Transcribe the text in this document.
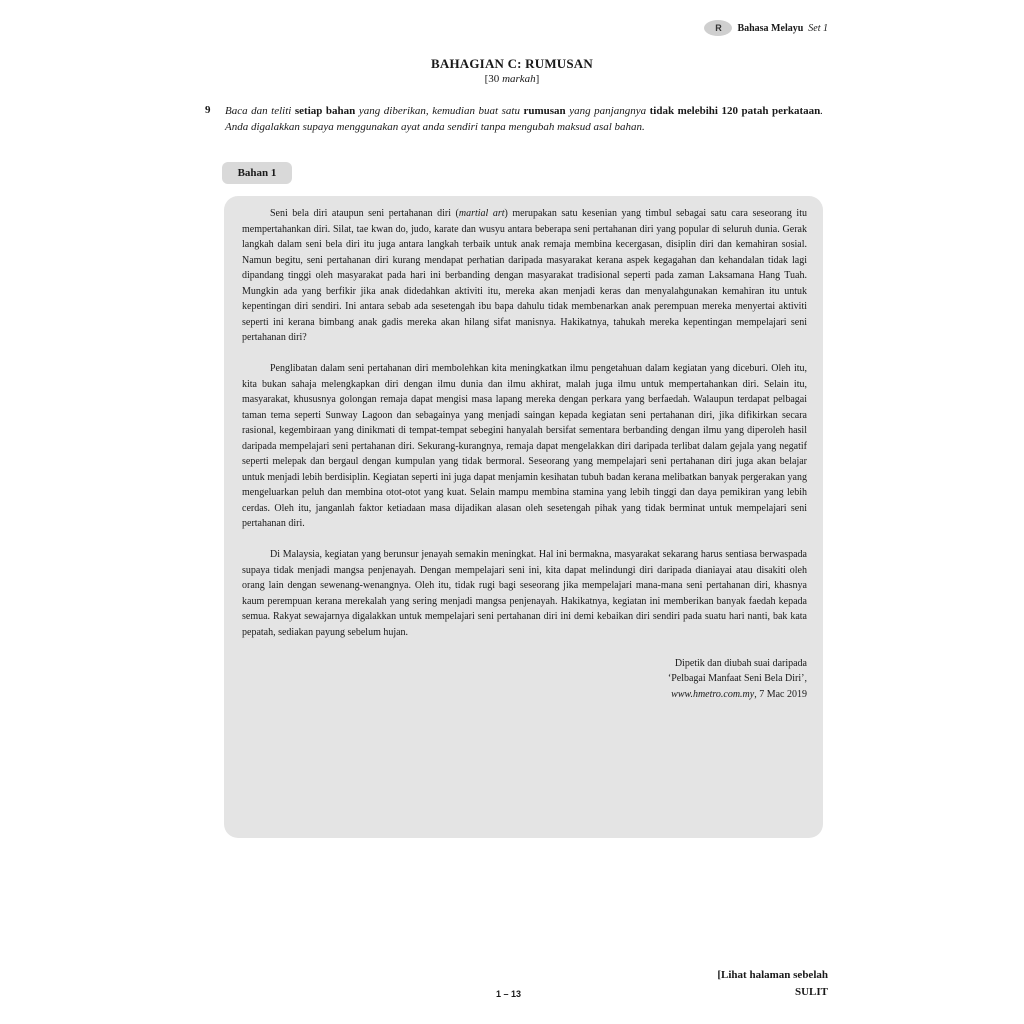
R Bahasa Melayu Set 1
BAHAGIAN C: RUMUSAN
[30 markah]
9 Baca dan teliti setiap bahan yang diberikan, kemudian buat satu rumusan yang panjangnya tidak melebihi 120 patah perkataan. Anda digalakkan supaya menggunakan ayat anda sendiri tanpa mengubah maksud asal bahan.
Bahan 1

Seni bela diri ataupun seni pertahanan diri (martial art) merupakan satu kesenian yang timbul sebagai satu cara seseorang itu mempertahankan diri. Silat, tae kwan do, judo, karate dan wusyu antara beberapa seni pertahanan diri yang popular di seluruh dunia. Gerak langkah dalam seni bela diri itu juga antara langkah terbaik untuk anak remaja membina kecergasan, disiplin diri dan kemahiran sosial. Namun begitu, seni pertahanan diri kurang mendapat perhatian daripada masyarakat kerana aspek kegagahan dan kehandalan tidak lagi dipandang tinggi oleh masyarakat pada hari ini berbanding dengan masyarakat tradisional seperti pada zaman Laksamana Hang Tuah. Mungkin ada yang berfikir jika anak didedahkan aktiviti itu, mereka akan menjadi keras dan menyalahgunakan kemahiran itu untuk kepentingan diri sendiri. Ini antara sebab ada sesetengah ibu bapa dahulu tidak membenarkan anak perempuan mereka menyertai aktiviti seperti ini kerana bimbang anak gadis mereka akan hilang sifat manisnya. Hakikatnya, tahukah mereka kepentingan mempelajari seni pertahanan diri?

Penglibatan dalam seni pertahanan diri membolehkan kita meningkatkan ilmu pengetahuan dalam kegiatan yang diceburi. Oleh itu, kita bukan sahaja melengkapkan diri dengan ilmu dunia dan ilmu akhirat, malah juga ilmu untuk mempertahankan diri. Selain itu, masyarakat, khususnya golongan remaja dapat mengisi masa lapang mereka dengan perkara yang berfaedah. Walaupun terdapat pelbagai taman tema seperti Sunway Lagoon dan sebagainya yang menjadi saingan kepada kegiatan seni pertahanan diri, jika difikirkan secara rasional, kegembiraan yang dinikmati di tempat-tempat sebegini hanyalah bersifat sementara berbanding dengan ilmu yang diperoleh hasil daripada mempelajari seni pertahanan diri. Sekurang-kurangnya, remaja dapat mengelakkan diri daripada terlibat dalam gejala yang negatif seperti melepak dan bergaul dengan kumpulan yang tidak bermoral. Seseorang yang mempelajari seni pertahanan diri juga akan belajar untuk menjadi lebih berdisiplin. Kegiatan seperti ini juga dapat menjamin kesihatan tubuh badan kerana melibatkan banyak pergerakan yang mengeluarkan peluh dan membina otot-otot yang kuat. Selain mampu membina stamina yang lebih tinggi dan daya pemikiran yang lebih cerdas. Oleh itu, janganlah faktor ketiadaan masa dijadikan alasan oleh sesetengah pihak yang tidak berminat untuk mempelajari seni pertahanan diri.

Di Malaysia, kegiatan yang berunsur jenayah semakin meningkat. Hal ini bermakna, masyarakat sekarang harus sentiasa berwaspada supaya tidak menjadi mangsa penjenayah. Dengan mempelajari seni ini, kita dapat melindungi diri daripada dianiayai atau disakiti oleh orang lain dengan sewenang-wenangnya. Oleh itu, tidak rugi bagi seseorang jika mempelajari mana-mana seni pertahanan diri, khasnya kaum perempuan kerana merekalah yang sering menjadi mangsa penjenayah. Hakikatnya, kegiatan ini memberikan banyak faedah kepada semua. Rakyat sewajarnya digalakkan untuk mempelajari seni pertahanan diri ini demi kebaikan diri sendiri pada suatu hari nanti, bak kata pepatah, sediakan payung sebelum hujan.

Dipetik dan diubah suai daripada
‘Pelbagai Manfaat Seni Bela Diri’,
www.hmetro.com.my, 7 Mac 2019
[Lihat halaman sebelah
1 – 13	SULIT
